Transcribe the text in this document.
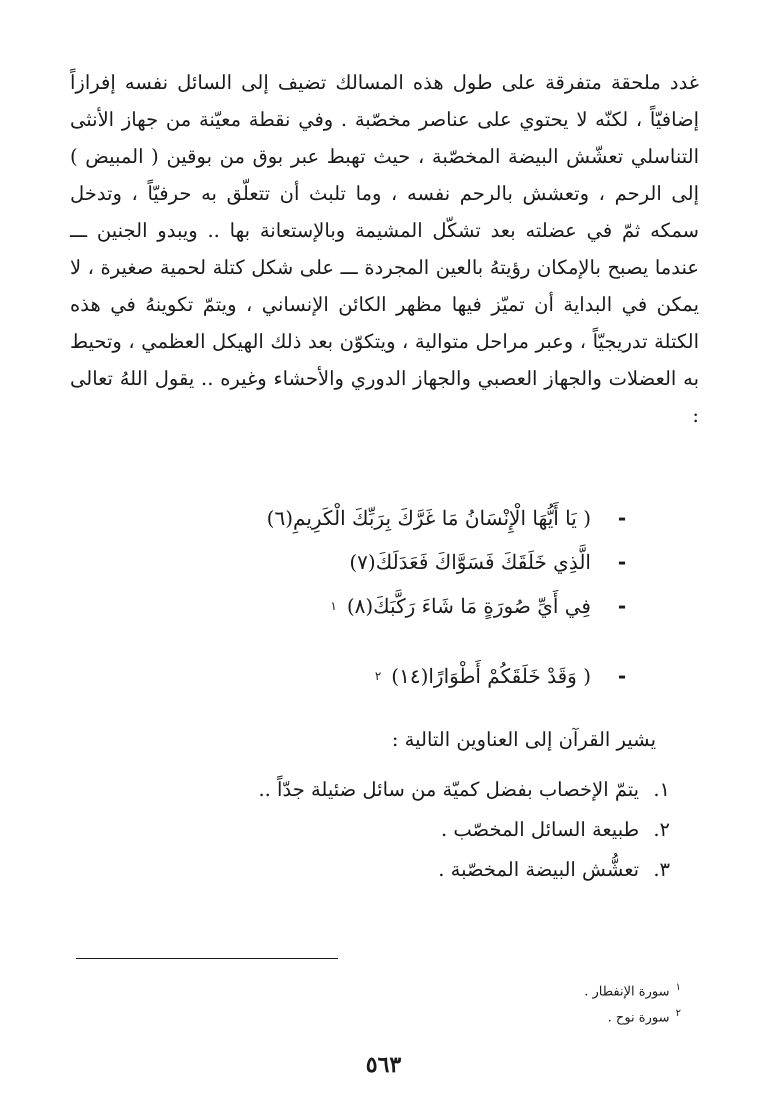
غدد ملحقة متفرقة على طول هذه المسالك تضيف إلى السائل نفسه إفرازاً إضافيّاً ، لكنّه لا يحتوي على عناصر مخصّبة . وفي نقطة معيّنة من جهاز الأنثى التناسلي تعشّش البيضة المخصّبة ، حيث تهبط عبر بوق من بوقين ( المبيض ) إلى الرحم ، وتعشش بالرحم نفسه ، وما تلبث أن تتعلّق به حرفيّاً ، وتدخل سمكه ثمّ في عضلته بعد تشكّل المشيمة وبالإستعانة بها .. ويبدو الجنين ـــ عندما يصبح بالإمكان رؤيتهُ بالعين المجردة ـــ على شكل كتلة لحمية صغيرة ، لا يمكن في البداية أن تميّز فيها مظهر الكائن الإنساني ، ويتمّ تكوينهُ في هذه الكتلة تدريجيّاً ، وعبر مراحل متوالية ، ويتكوّن بعد ذلك الهيكل العظمي ، وتحيط به العضلات والجهاز العصبي والجهاز الدوري والأحشاء وغيره .. يقول اللهُ تعالى :

-
( يَا أَيُّهَا الْإِنْسَانُ مَا غَرَّكَ بِرَبِّكَ الْكَرِيمِ(٦)
-
الَّذِي خَلَقَكَ فَسَوَّاكَ فَعَدَلَكَ(٧)
-
فِي أَيِّ صُورَةٍ مَا شَاءَ رَكَّبَكَ(٨)
١
-
( وَقَدْ خَلَقَكُمْ أَطْوَارًا(١٤)
٢

يشير القرآن إلى العناوين التالية :

١. يتمّ الإخصاب بفضل كميّة من سائل ضئيلة جدّاً ..
٢. طبيعة السائل المخصّب .
٣. تعشُّش البيضة المخصّبة .
$^١$ سورة الإنفطار .
$^٢$ سورة نوح .
٥٦٣
